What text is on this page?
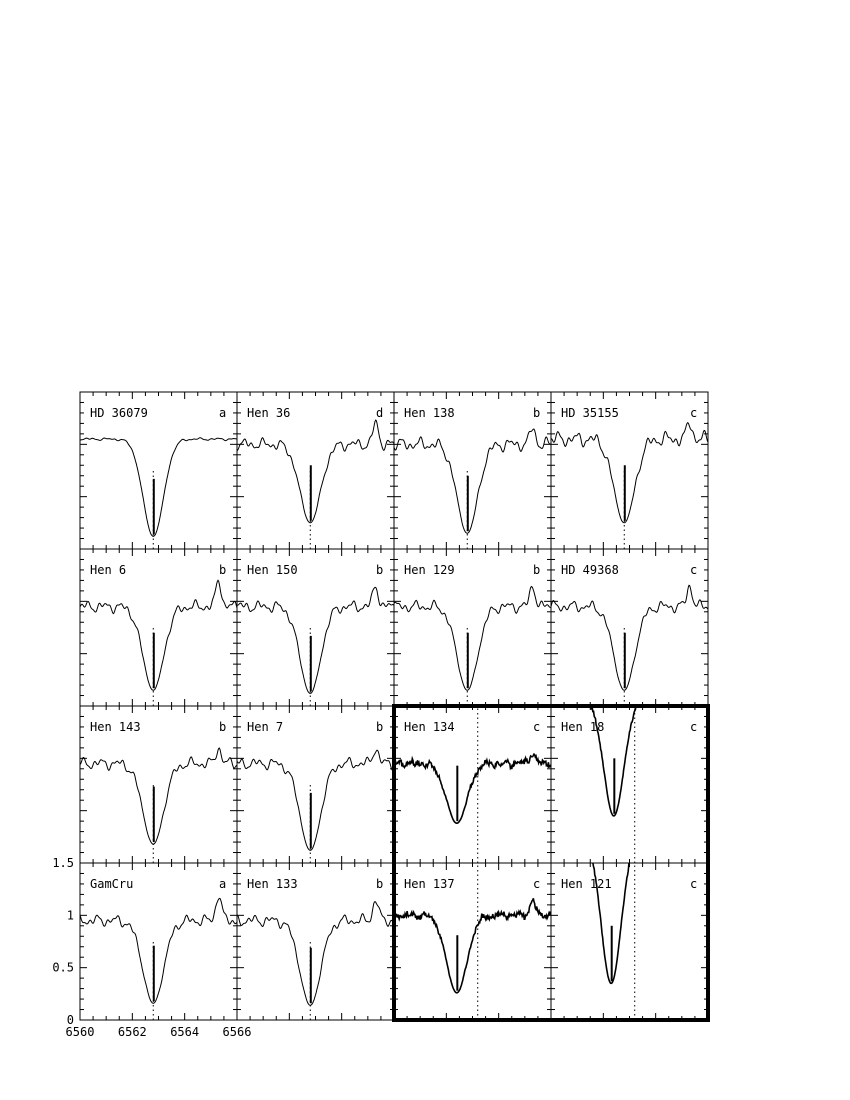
HD 36079	a Hen 36	d Hen 138	b HD 35155	c
Hen 6	b Hen 150	b Hen 129	b HD 49368	c
Hen 143	b Hen 7	b Hen 134	c Hen 18	c
GamCru	a Hen 133	b Hen 137	c Hen 121	c
0
0.5
1
1.5
6560 6562 6564 6566
